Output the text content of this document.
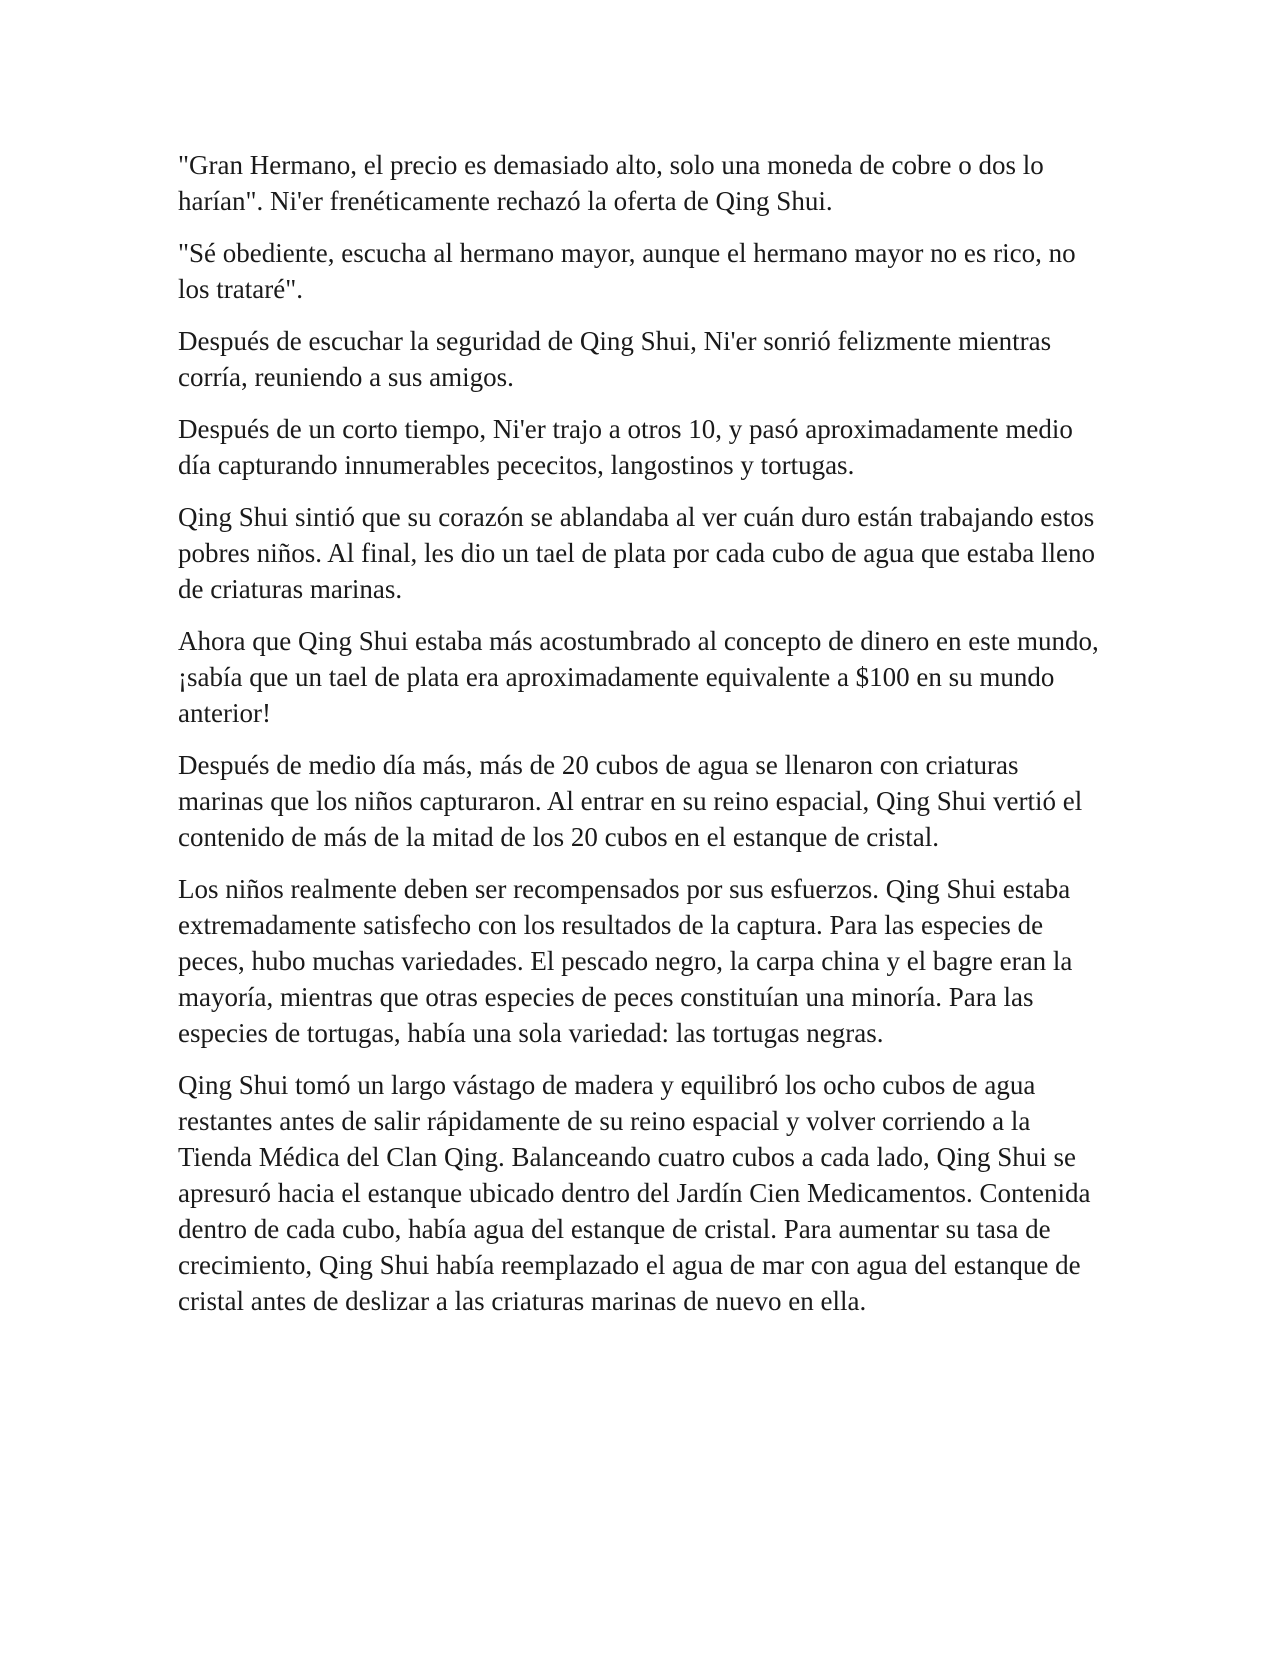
"Gran Hermano, el precio es demasiado alto, solo una moneda de cobre o dos lo harían". Ni'er frenéticamente rechazó la oferta de Qing Shui.

"Sé obediente, escucha al hermano mayor, aunque el hermano mayor no es rico, no los trataré".

Después de escuchar la seguridad de Qing Shui, Ni'er sonrió felizmente mientras corría, reuniendo a sus amigos.

Después de un corto tiempo, Ni'er trajo a otros 10, y pasó aproximadamente medio día capturando innumerables pececitos, langostinos y tortugas.

Qing Shui sintió que su corazón se ablandaba al ver cuán duro están trabajando estos pobres niños. Al final, les dio un tael de plata por cada cubo de agua que estaba lleno de criaturas marinas.

Ahora que Qing Shui estaba más acostumbrado al concepto de dinero en este mundo, ¡sabía que un tael de plata era aproximadamente equivalente a $100 en su mundo anterior!

Después de medio día más, más de 20 cubos de agua se llenaron con criaturas marinas que los niños capturaron. Al entrar en su reino espacial, Qing Shui vertió el contenido de más de la mitad de los 20 cubos en el estanque de cristal.

Los niños realmente deben ser recompensados por sus esfuerzos. Qing Shui estaba extremadamente satisfecho con los resultados de la captura. Para las especies de peces, hubo muchas variedades. El pescado negro, la carpa china y el bagre eran la mayoría, mientras que otras especies de peces constituían una minoría. Para las especies de tortugas, había una sola variedad: las tortugas negras.

Qing Shui tomó un largo vástago de madera y equilibró los ocho cubos de agua restantes antes de salir rápidamente de su reino espacial y volver corriendo a la Tienda Médica del Clan Qing. Balanceando cuatro cubos a cada lado, Qing Shui se apresuró hacia el estanque ubicado dentro del Jardín Cien Medicamentos. Contenida dentro de cada cubo, había agua del estanque de cristal. Para aumentar su tasa de crecimiento, Qing Shui había reemplazado el agua de mar con agua del estanque de cristal antes de deslizar a las criaturas marinas de nuevo en ella.
